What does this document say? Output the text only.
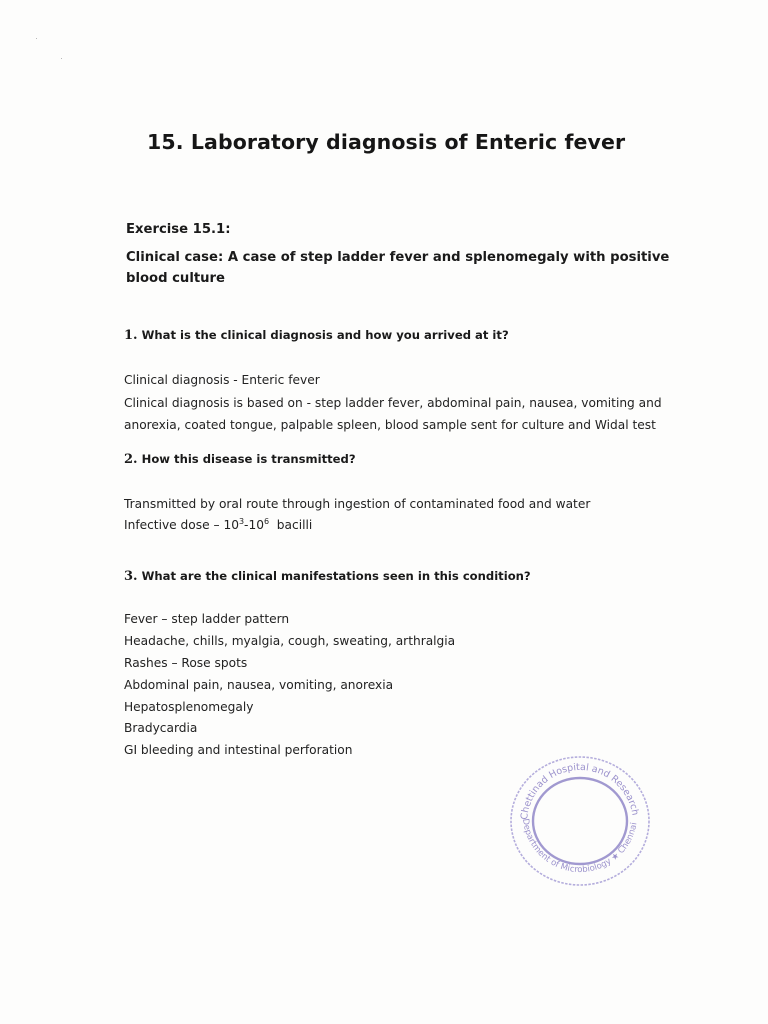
15. Laboratory diagnosis of Enteric fever
Exercise 15.1:
Clinical case: A case of step ladder fever and splenomegaly with positive
blood culture
1. What is the clinical diagnosis and how you arrived at it?
Clinical diagnosis - Enteric fever
Clinical diagnosis is based on - step ladder fever, abdominal pain, nausea, vomiting and
anorexia, coated tongue, palpable spleen, blood sample sent for culture and Widal test
2. How this disease is transmitted?
Transmitted by oral route through ingestion of contaminated food and water
Infective dose – $10^3-10^6$  bacilli
3. What are the clinical manifestations seen in this condition?
Fever – step ladder pattern
Headache, chills, myalgia, cough, sweating, arthralgia
Rashes – Rose spots
Abdominal pain, nausea, vomiting, anorexia
Hepatosplenomegaly
Bradycardia
GI bleeding and intestinal perforation
Chettinad Hospital and Research
Department of Microbiology ★ Chennai
